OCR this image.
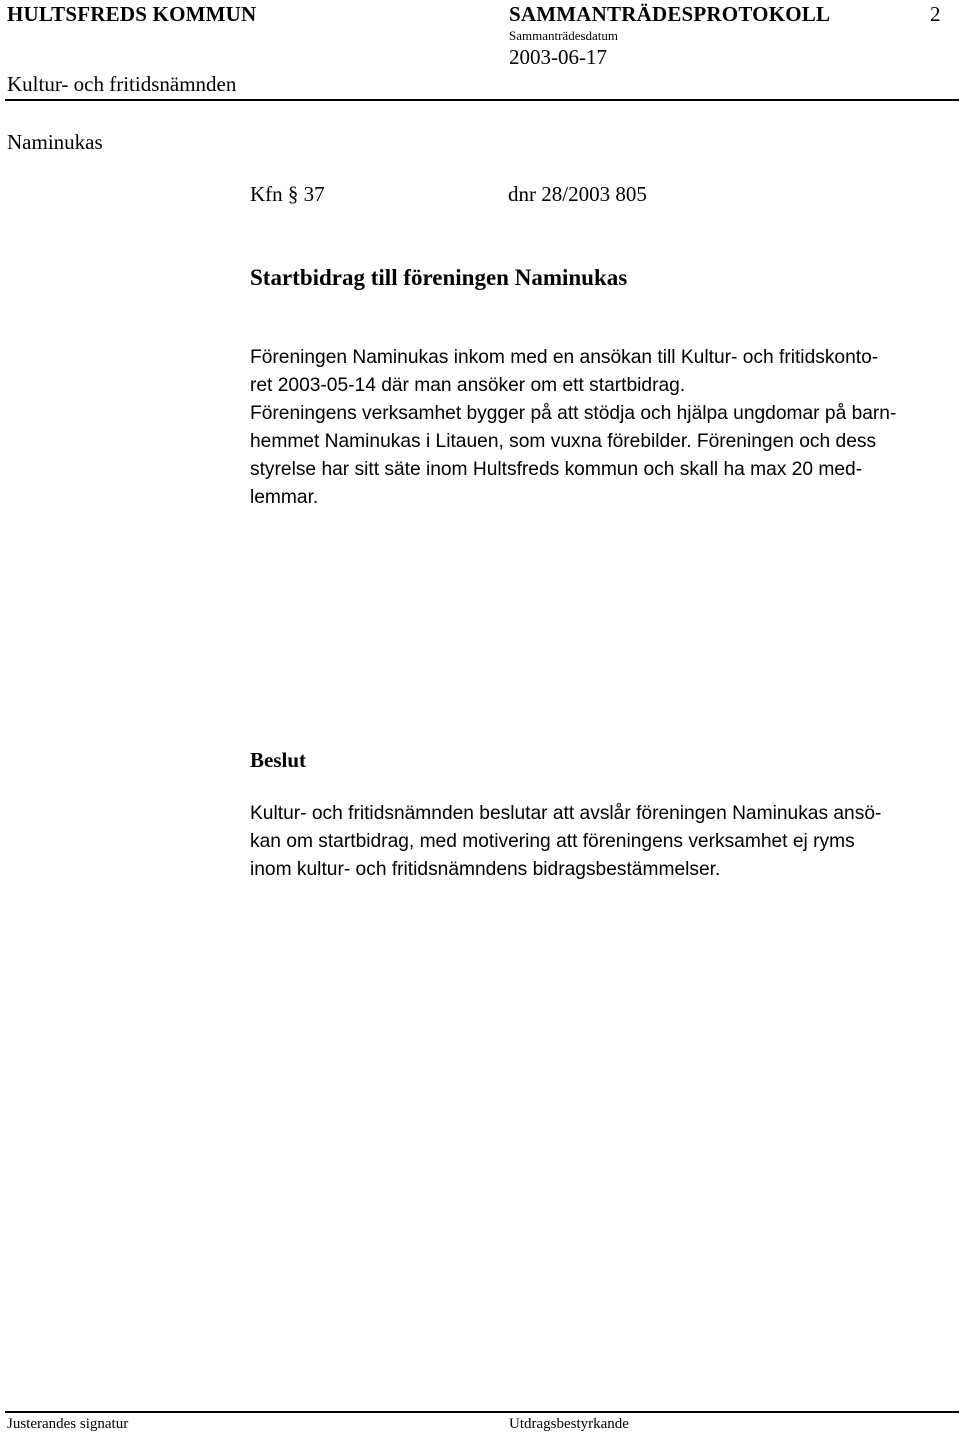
HULTSFREDS KOMMUN	SAMMANTRÄDESPROTOKOLL	2
Sammanträdesdatum
2003-06-17
Kultur- och fritidsnämnden
Naminukas
Kfn § 37	dnr 28/2003 805
Startbidrag till föreningen Naminukas
Föreningen Naminukas inkom med en ansökan till Kultur- och fritidskonto-
ret 2003-05-14 där man ansöker om ett startbidrag.
Föreningens verksamhet bygger på att stödja och hjälpa ungdomar på barn-
hemmet Naminukas i Litauen, som vuxna förebilder. Föreningen och dess
styrelse har sitt säte inom Hultsfreds kommun och skall ha max 20 med-
lemmar.
Beslut
Kultur- och fritidsnämnden beslutar att avslår föreningen Naminukas ansö-
kan om startbidrag, med motivering att föreningens verksamhet ej ryms
inom kultur- och fritidsnämndens bidragsbestämmelser.
Justerandes signatur	Utdragsbestyrkande
